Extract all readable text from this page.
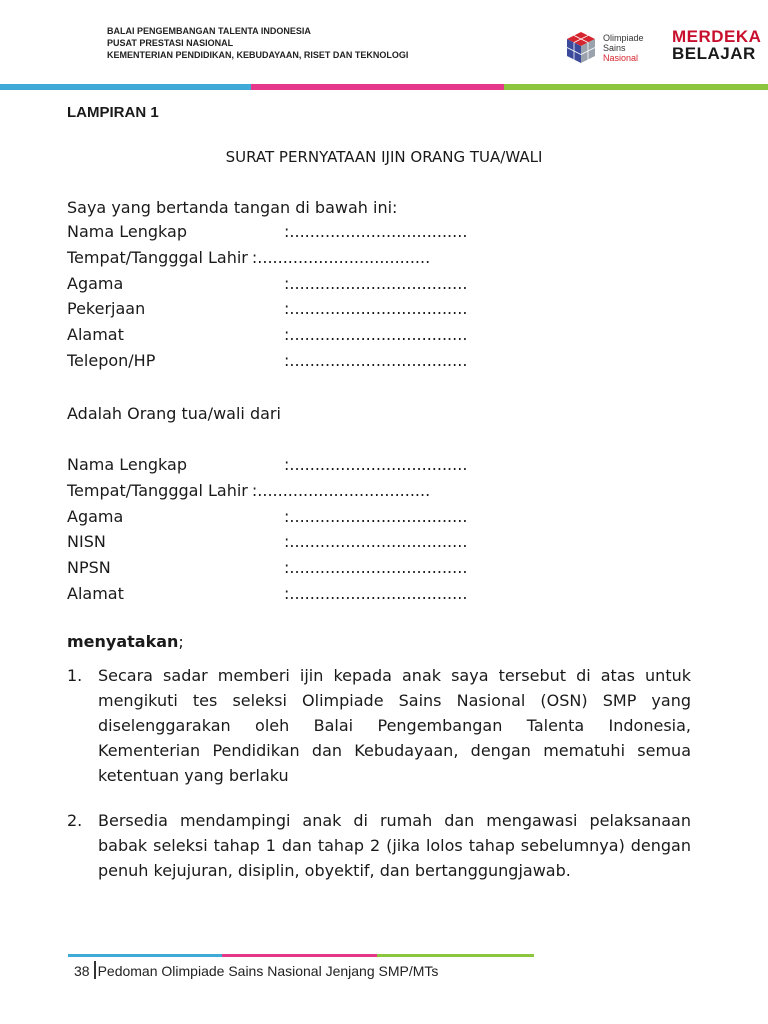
BALAI PENGEMBANGAN TALENTA INDONESIA
PUSAT PRESTASI NASIONAL
KEMENTERIAN PENDIDIKAN, KEBUDAYAAN, RISET DAN TEKNOLOGI
Olimpiade
Sains
Nasional
MERDEKA
BELAJAR
LAMPIRAN 1
SURAT PERNYATAAN IJIN ORANG TUA/WALI
Saya yang bertanda tangan di bawah ini:
Nama Lengkap	:...................................
Tempat/Tangggal Lahir :..................................
Agama	:...................................
Pekerjaan	:...................................
Alamat	:...................................
Telepon/HP	:...................................
Adalah Orang tua/wali dari
Nama Lengkap	:...................................
Tempat/Tangggal Lahir :..................................
Agama	:...................................
NISN	:...................................
NPSN	:...................................
Alamat	:...................................
menyatakan;
1. Secara sadar memberi ijin kepada anak saya tersebut di atas untuk mengikuti tes seleksi Olimpiade Sains Nasional (OSN) SMP yang diselenggarakan oleh Balai Pengembangan Talenta Indonesia, Kementerian Pendidikan dan Kebudayaan, dengan mematuhi semua ketentuan yang berlaku
2. Bersedia mendampingi anak di rumah dan mengawasi pelaksanaan babak seleksi tahap 1 dan tahap 2 (jika lolos tahap sebelumnya) dengan penuh kejujuran, disiplin, obyektif, dan bertanggungjawab.
38 Pedoman Olimpiade Sains Nasional Jenjang SMP/MTs
